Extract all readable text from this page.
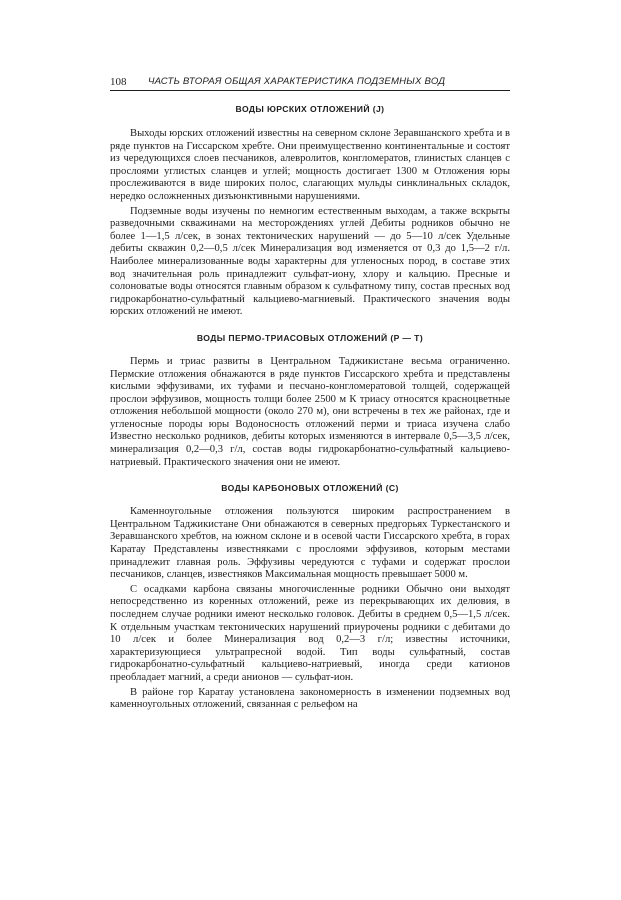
108 ЧАСТЬ ВТОРАЯ ОБЩАЯ ХАРАКТЕРИСТИКА ПОДЗЕМНЫХ ВОД
ВОДЫ ЮРСКИХ ОТЛОЖЕНИЙ (J)

Выходы юрских отложений известны на северном склоне Зеравшанского хребта и в ряде пунктов на Гиссарском хребте. Они преимущественно континентальные и состоят из чередующихся слоев песчаников, алевролитов, конгломератов, глинистых сланцев с прослоями углистых сланцев и углей; мощность достигает 1300 м Отложения юры прослеживаются в виде широких полос, слагающих мульды синклинальных складок, нередко осложненных дизъюнктивными нарушениями.

Подземные воды изучены по немногим естественным выходам, а также вскрыты разведочными скважинами на месторождениях углей Дебиты родников обычно не более 1—1,5 л/сек, в зонах тектонических нарушений — до 5—10 л/сек Удельные дебиты скважин 0,2—0,5 л/сек Минерализация вод изменяется от 0,3 до 1,5—2 г/л. Наиболее минерализованные воды характерны для угленосных пород, в составе этих вод значительная роль принадлежит сульфат-иону, хлору и кальцию. Пресные и солоноватые воды относятся главным образом к сульфатному типу, состав пресных вод гидрокарбонатно-сульфатный кальциево-магниевый. Практического значения воды юрских отложений не имеют.

ВОДЫ ПЕРМО-ТРИАСОВЫХ ОТЛОЖЕНИЙ (P — T)

Пермь и триас развиты в Центральном Таджикистане весьма ограниченно. Пермские отложения обнажаются в ряде пунктов Гиссарского хребта и представлены кислыми эффузивами, их туфами и песчано-конгломератовой толщей, содержащей прослои эффузивов, мощность толщи более 2500 м К триасу относятся красноцветные отложения небольшой мощности (около 270 м), они встречены в тех же районах, где и угленосные породы юры Водоносность отложений перми и триаса изучена слабо Известно несколько родников, дебиты которых изменяются в интервале 0,5—3,5 л/сек, минерализация 0,2—0,3 г/л, состав воды гидрокарбонатно-сульфатный кальциево-натриевый. Практического значения они не имеют.

ВОДЫ КАРБОНОВЫХ ОТЛОЖЕНИЙ (C)

Каменноугольные отложения пользуются широким распространением в Центральном Таджикистане Они обнажаются в северных предгорьях Туркестанского и Зеравшанского хребтов, на южном склоне и в осевой части Гиссарского хребта, в горах Каратау Представлены известняками с прослоями эффузивов, которым местами принадлежит главная роль. Эффузивы чередуются с туфами и содержат прослои песчаников, сланцев, известняков Максимальная мощность превышает 5000 м.

С осадками карбона связаны многочисленные родники Обычно они выходят непосредственно из коренных отложений, реже из перекрывающих их делювия, в последнем случае родники имеют несколько головок. Дебиты в среднем 0,5—1,5 л/сек. К отдельным участкам тектонических нарушений приурочены родники с дебитами до 10 л/сек и более Минерализация вод 0,2—3 г/л; известны источники, характеризующиеся ультрапресной водой. Тип воды сульфатный, состав гидрокарбонатно-сульфатный кальциево-натриевый, иногда среди катионов преобладает магний, а среди анионов — сульфат-ион.

В районе гор Каратау установлена закономерность в изменении подземных вод каменноугольных отложений, связанная с рельефом на
